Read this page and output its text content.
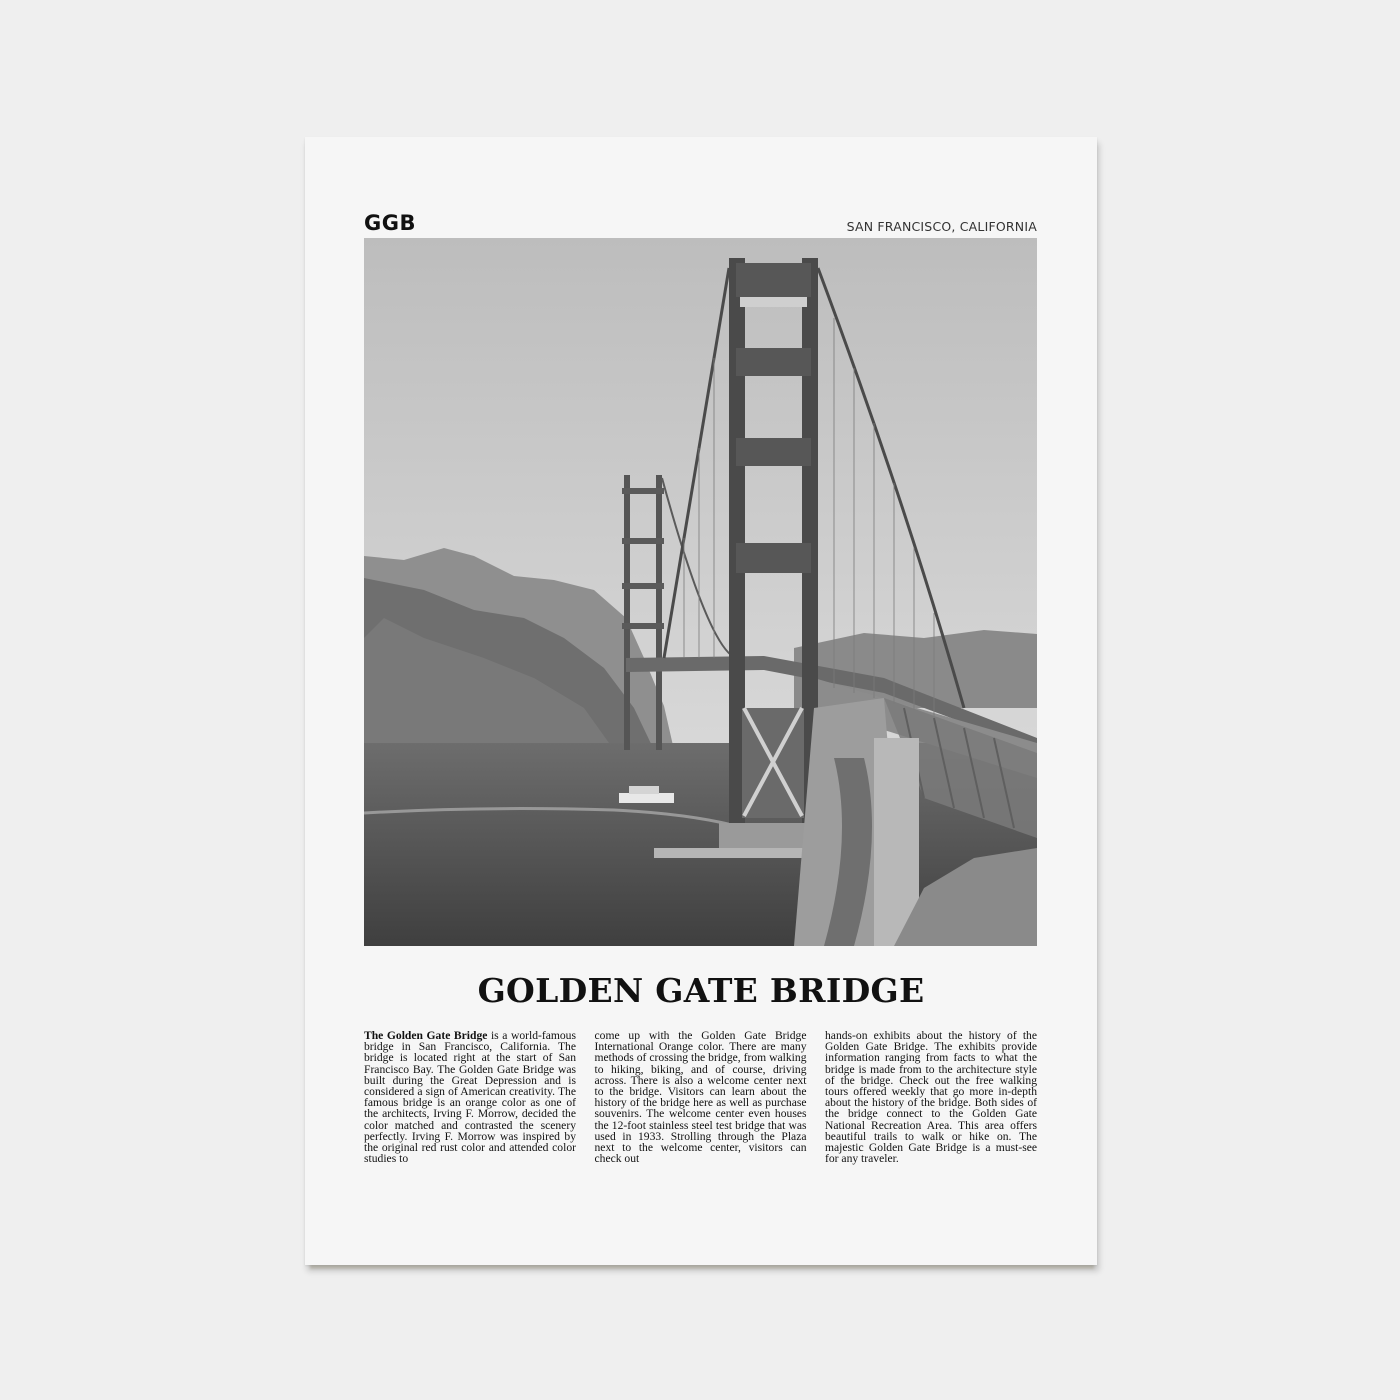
GGB	SAN FRANCISCO, CALIFORNIA
GOLDEN GATE BRIDGE

The Golden Gate Bridge is a world-famous bridge in San Francisco, California. The bridge is located right at the start of San Francisco Bay. The Golden Gate Bridge was built during the Great Depression and is considered a sign of American creativity. The famous bridge is an orange color as one of the architects, Irving F. Morrow, decided the color matched and contrasted the scenery perfectly. Irving F. Morrow was inspired by the original red rust color and attended color studies to

come up with the Golden Gate Bridge International Orange color. There are many methods of crossing the bridge, from walking to hiking, biking, and of course, driving across. There is also a welcome center next to the bridge. Visitors can learn about the history of the bridge here as well as purchase souvenirs. The welcome center even houses the 12-foot stainless steel test bridge that was used in 1933. Strolling through the Plaza next to the welcome center, visitors can check out

hands-on exhibits about the history of the Golden Gate Bridge. The exhibits provide information ranging from facts to what the bridge is made from to the architecture style of the bridge. Check out the free walking tours offered weekly that go more in-depth about the history of the bridge. Both sides of the bridge connect to the Golden Gate National Recreation Area. This area offers beautiful trails to walk or hike on. The majestic Golden Gate Bridge is a must-see for any traveler.
